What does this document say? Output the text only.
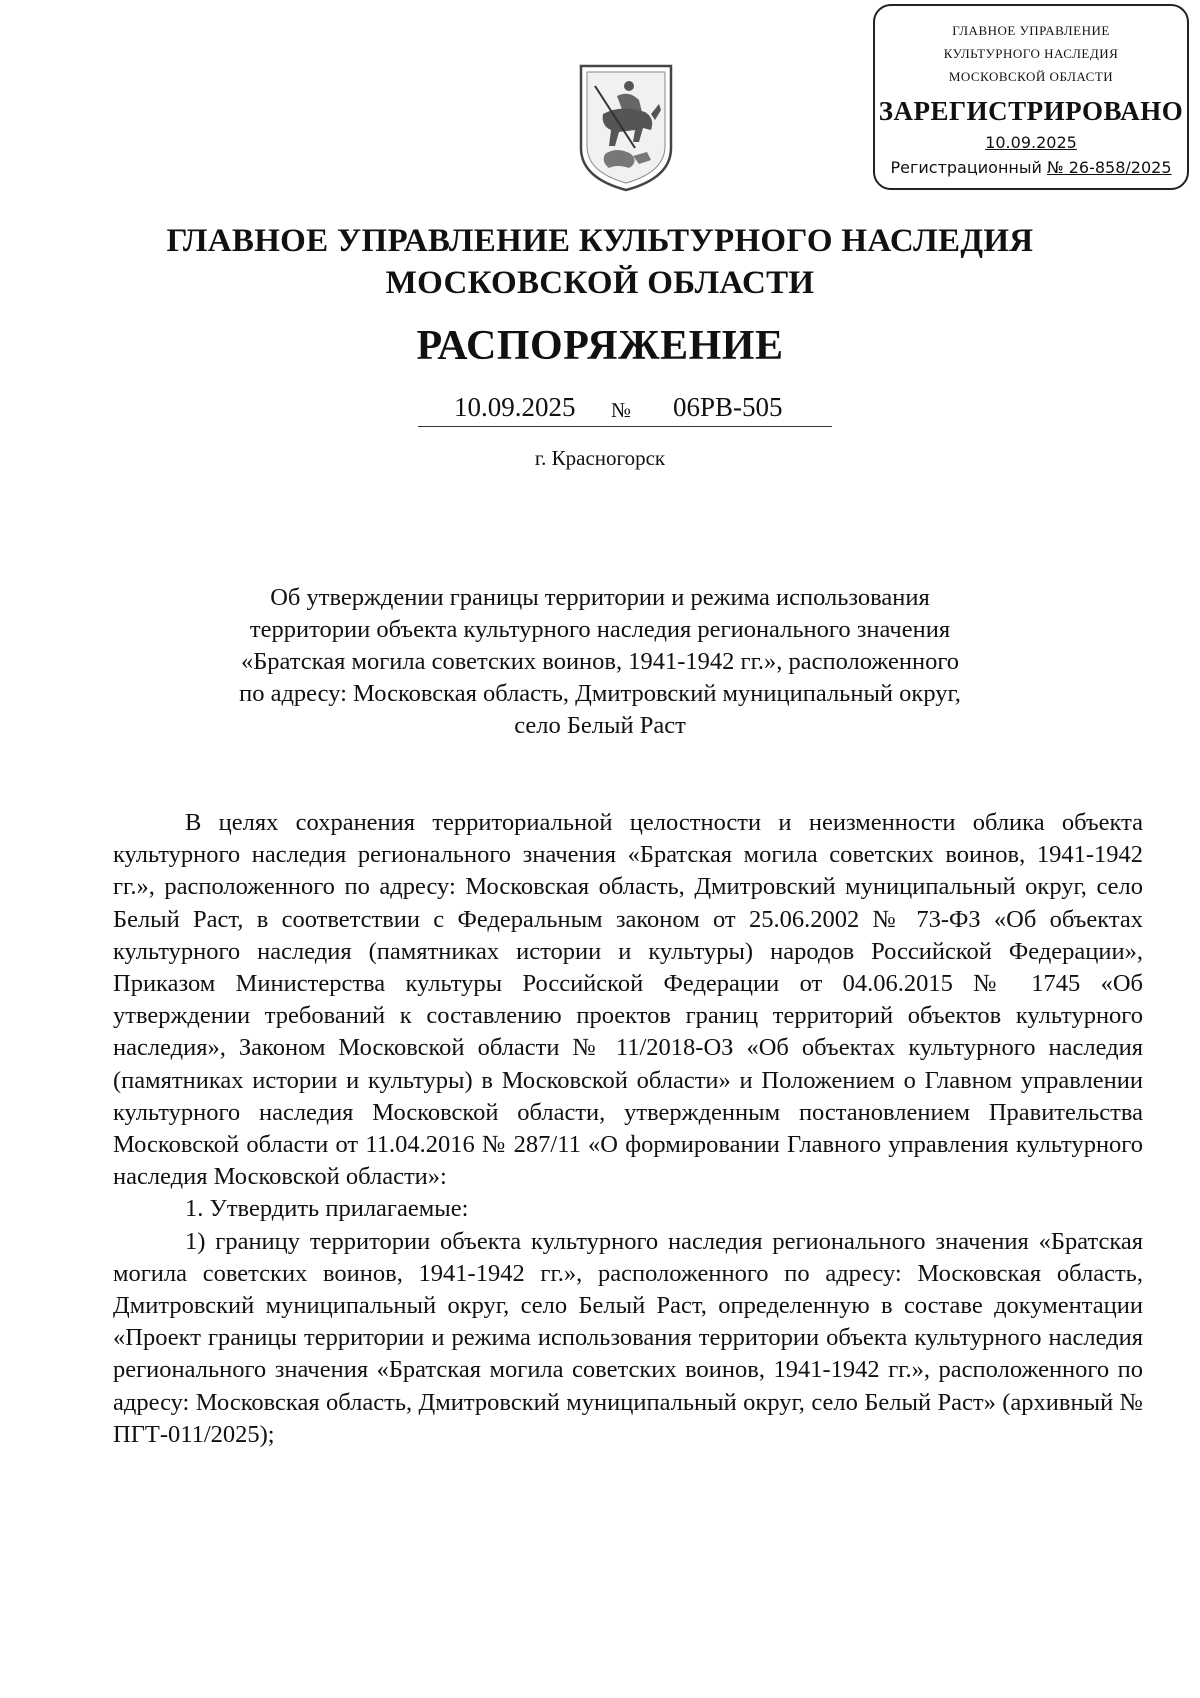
ГЛАВНОЕ УПРАВЛЕНИЕ
КУЛЬТУРНОГО НАСЛЕДИЯ
МОСКОВСКОЙ ОБЛАСТИ
ЗАРЕГИСТРИРОВАНО
10.09.2025
Регистрационный № 26-858/2025
ГЛАВНОЕ УПРАВЛЕНИЕ КУЛЬТУРНОГО НАСЛЕДИЯ
МОСКОВСКОЙ ОБЛАСТИ
РАСПОРЯЖЕНИЕ
10.09.2025 № 06РВ-505
г. Красногорск
Об утверждении границы территории и режима использования
территории объекта культурного наследия регионального значения
«Братская могила советских воинов, 1941-1942 гг.», расположенного
по адресу: Московская область, Дмитровский муниципальный округ,
село Белый Раст

В целях сохранения территориальной целостности и неизменности облика объекта культурного наследия регионального значения «Братская могила советских воинов, 1941-1942 гг.», расположенного по адресу: Московская область, Дмитровский муниципальный округ, село Белый Раст, в соответствии с Федеральным законом от 25.06.2002 № 73-ФЗ «Об объектах культурного наследия (памятниках истории и культуры) народов Российской Федерации», Приказом Министерства культуры Российской Федерации от 04.06.2015 № 1745 «Об утверждении требований к составлению проектов границ территорий объектов культурного наследия», Законом Московской области № 11/2018-ОЗ «Об объектах культурного наследия (памятниках истории и культуры) в Московской области» и Положением о Главном управлении культурного наследия Московской области, утвержденным постановлением Правительства Московской области от 11.04.2016 № 287/11 «О формировании Главного управления культурного наследия Московской области»:

1. Утвердить прилагаемые:

1) границу территории объекта культурного наследия регионального значения «Братская могила советских воинов, 1941-1942 гг.», расположенного по адресу: Московская область, Дмитровский муниципальный округ, село Белый Раст, определенную в составе документации «Проект границы территории и режима использования территории объекта культурного наследия регионального значения «Братская могила советских воинов, 1941-1942 гг.», расположенного по адресу: Московская область, Дмитровский муниципальный округ, село Белый Раст» (архивный № ПГТ-011/2025);
